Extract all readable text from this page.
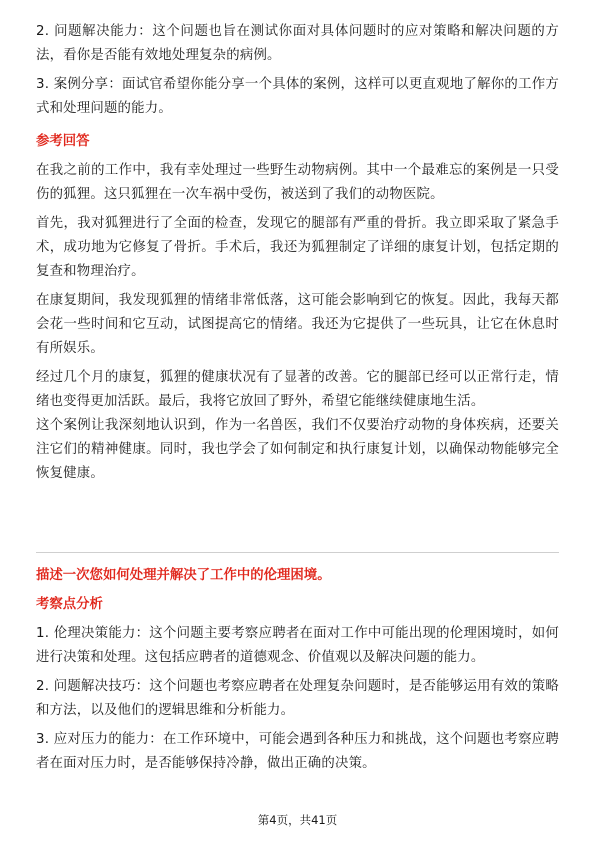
2. 问题解决能力：这个问题也旨在测试你面对具体问题时的应对策略和解决问题的方法，看你是否能有效地处理复杂的病例。

3. 案例分享：面试官希望你能分享一个具体的案例，这样可以更直观地了解你的工作方式和处理问题的能力。

参考回答

在我之前的工作中，我有幸处理过一些野生动物病例。其中一个最难忘的案例是一只受伤的狐狸。这只狐狸在一次车祸中受伤，被送到了我们的动物医院。

首先，我对狐狸进行了全面的检查，发现它的腿部有严重的骨折。我立即采取了紧急手术，成功地为它修复了骨折。手术后，我还为狐狸制定了详细的康复计划，包括定期的复查和物理治疗。

在康复期间，我发现狐狸的情绪非常低落，这可能会影响到它的恢复。因此，我每天都会花一些时间和它互动，试图提高它的情绪。我还为它提供了一些玩具，让它在休息时有所娱乐。

经过几个月的康复，狐狸的健康状况有了显著的改善。它的腿部已经可以正常行走，情绪也变得更加活跃。最后，我将它放回了野外，希望它能继续健康地生活。

这个案例让我深刻地认识到，作为一名兽医，我们不仅要治疗动物的身体疾病，还要关注它们的精神健康。同时，我也学会了如何制定和执行康复计划，以确保动物能够完全恢复健康。

描述一次您如何处理并解决了工作中的伦理困境。

考察点分析

1. 伦理决策能力：这个问题主要考察应聘者在面对工作中可能出现的伦理困境时，如何进行决策和处理。这包括应聘者的道德观念、价值观以及解决问题的能力。

2. 问题解决技巧：这个问题也考察应聘者在处理复杂问题时，是否能够运用有效的策略和方法，以及他们的逻辑思维和分析能力。

3. 应对压力的能力：在工作环境中，可能会遇到各种压力和挑战，这个问题也考察应聘者在面对压力时，是否能够保持冷静，做出正确的决策。

第4页，共41页
